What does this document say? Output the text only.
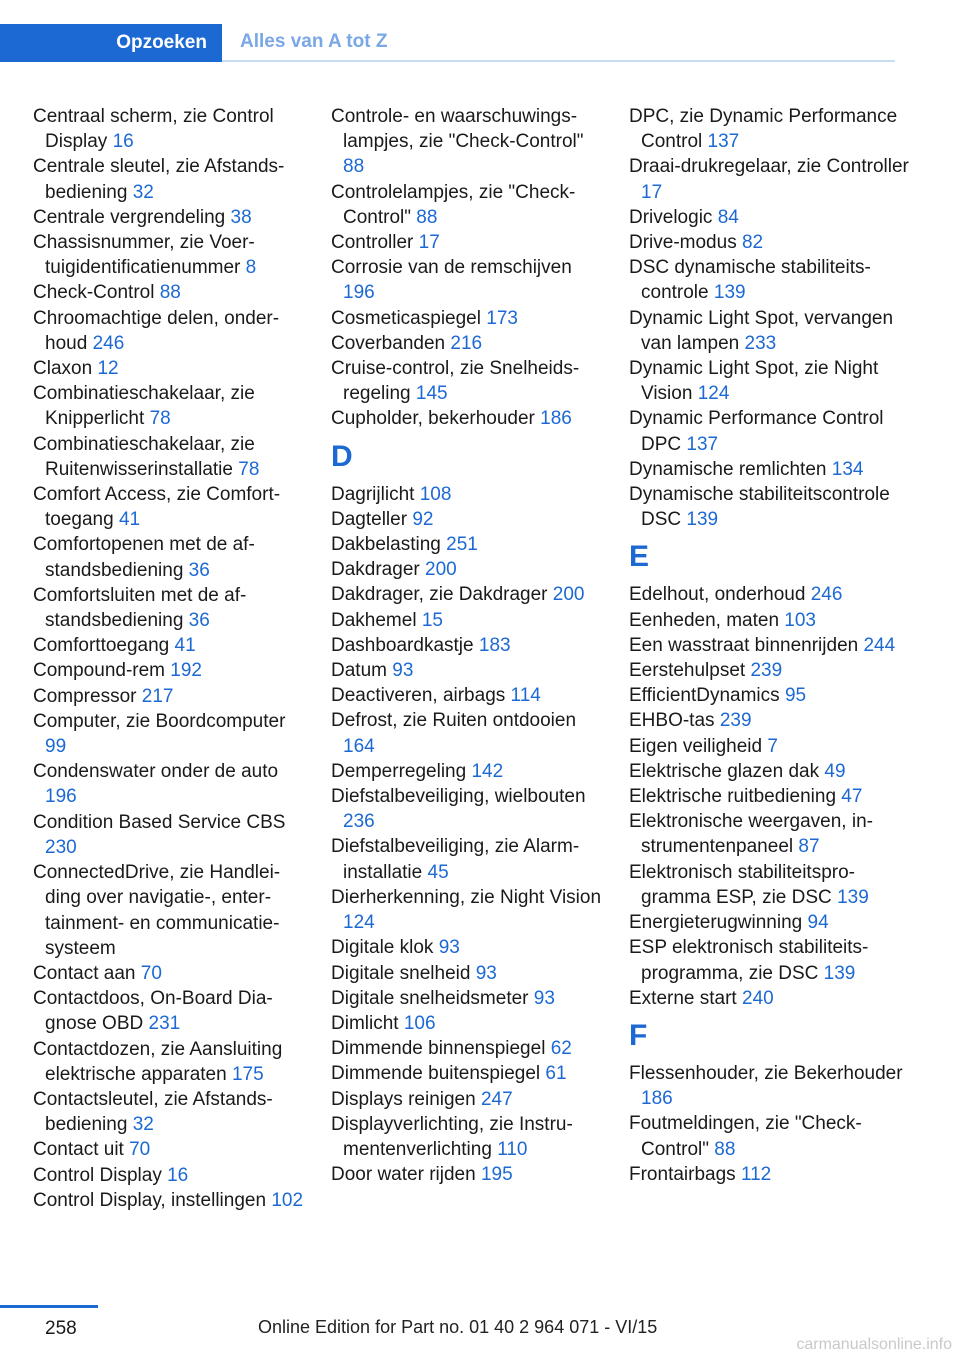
Opzoeken	Alles van A tot Z

Centraal scherm, zie Control Display 16

Centrale sleutel, zie Afstandsbediening 32

Centrale vergrendeling 38

Chassisnummer, zie Voertuigidentificatienummer 8

Check-Control 88

Chroomachtige delen, onderhoud 246

Claxon 12

Combinatieschakelaar, zie Knipperlicht 78

Combinatieschakelaar, zie Ruitenwisserinstallatie 78

Comfort Access, zie Comforttoegang 41

Comfortopenen met de afstandsbediening 36

Comfortsluiten met de afstandsbediening 36

Comforttoegang 41

Compound-rem 192

Compressor 217

Computer, zie Boordcomputer 99

Condenswater onder de auto 196

Condition Based Service CBS 230

ConnectedDrive, zie Handleiding over navigatie-, entertainment- en communicatiesysteem

Contact aan 70

Contactdoos, On-Board Diagnose OBD 231

Contactdozen, zie Aansluiting elektrische apparaten 175

Contactsleutel, zie Afstandsbediening 32

Contact uit 70

Control Display 16

Control Display, instellingen 102

Controle- en waarschuwingslampjes, zie "Check-Control" 88

Controlelampjes, zie "Check-Control" 88

Controller 17

Corrosie van de remschijven 196

Cosmeticaspiegel 173

Coverbanden 216

Cruise-control, zie Snelheidsregeling 145

Cupholder, bekerhouder 186

D

Dagrijlicht 108

Dagteller 92

Dakbelasting 251

Dakdrager 200

Dakdrager, zie Dakdrager 200

Dakhemel 15

Dashboardkastje 183

Datum 93

Deactiveren, airbags 114

Defrost, zie Ruiten ontdooien 164

Demperregeling 142

Diefstalbeveiliging, wielbouten 236

Diefstalbeveiliging, zie Alarminstallatie 45

Dierherkenning, zie Night Vision 124

Digitale klok 93

Digitale snelheid 93

Digitale snelheidsmeter 93

Dimlicht 106

Dimmende binnenspiegel 62

Dimmende buitenspiegel 61

Displays reinigen 247

Displayverlichting, zie Instrumentenverlichting 110

Door water rijden 195

DPC, zie Dynamic Performance Control 137

Draai-drukregelaar, zie Controller 17

Drivelogic 84

Drive-modus 82

DSC dynamische stabiliteitscontrole 139

Dynamic Light Spot, vervangen van lampen 233

Dynamic Light Spot, zie Night Vision 124

Dynamic Performance Control DPC 137

Dynamische remlichten 134

Dynamische stabiliteitscontrole DSC 139

E

Edelhout, onderhoud 246

Eenheden, maten 103

Een wasstraat binnenrijden 244

Eerstehulpset 239

EfficientDynamics 95

EHBO-tas 239

Eigen veiligheid 7

Elektrische glazen dak 49

Elektrische ruitbediening 47

Elektronische weergaven, instrumentenpaneel 87

Elektronisch stabiliteitsprogramma ESP, zie DSC 139

Energieterugwinning 94

ESP elektronisch stabiliteitsprogramma, zie DSC 139

Externe start 240

F

Flessenhouder, zie Bekerhouder 186

Foutmeldingen, zie "Check-Control" 88

Frontairbags 112

258	Online Edition for Part no. 01 40 2 964 071 - VI/15
carmanualsonline.info
